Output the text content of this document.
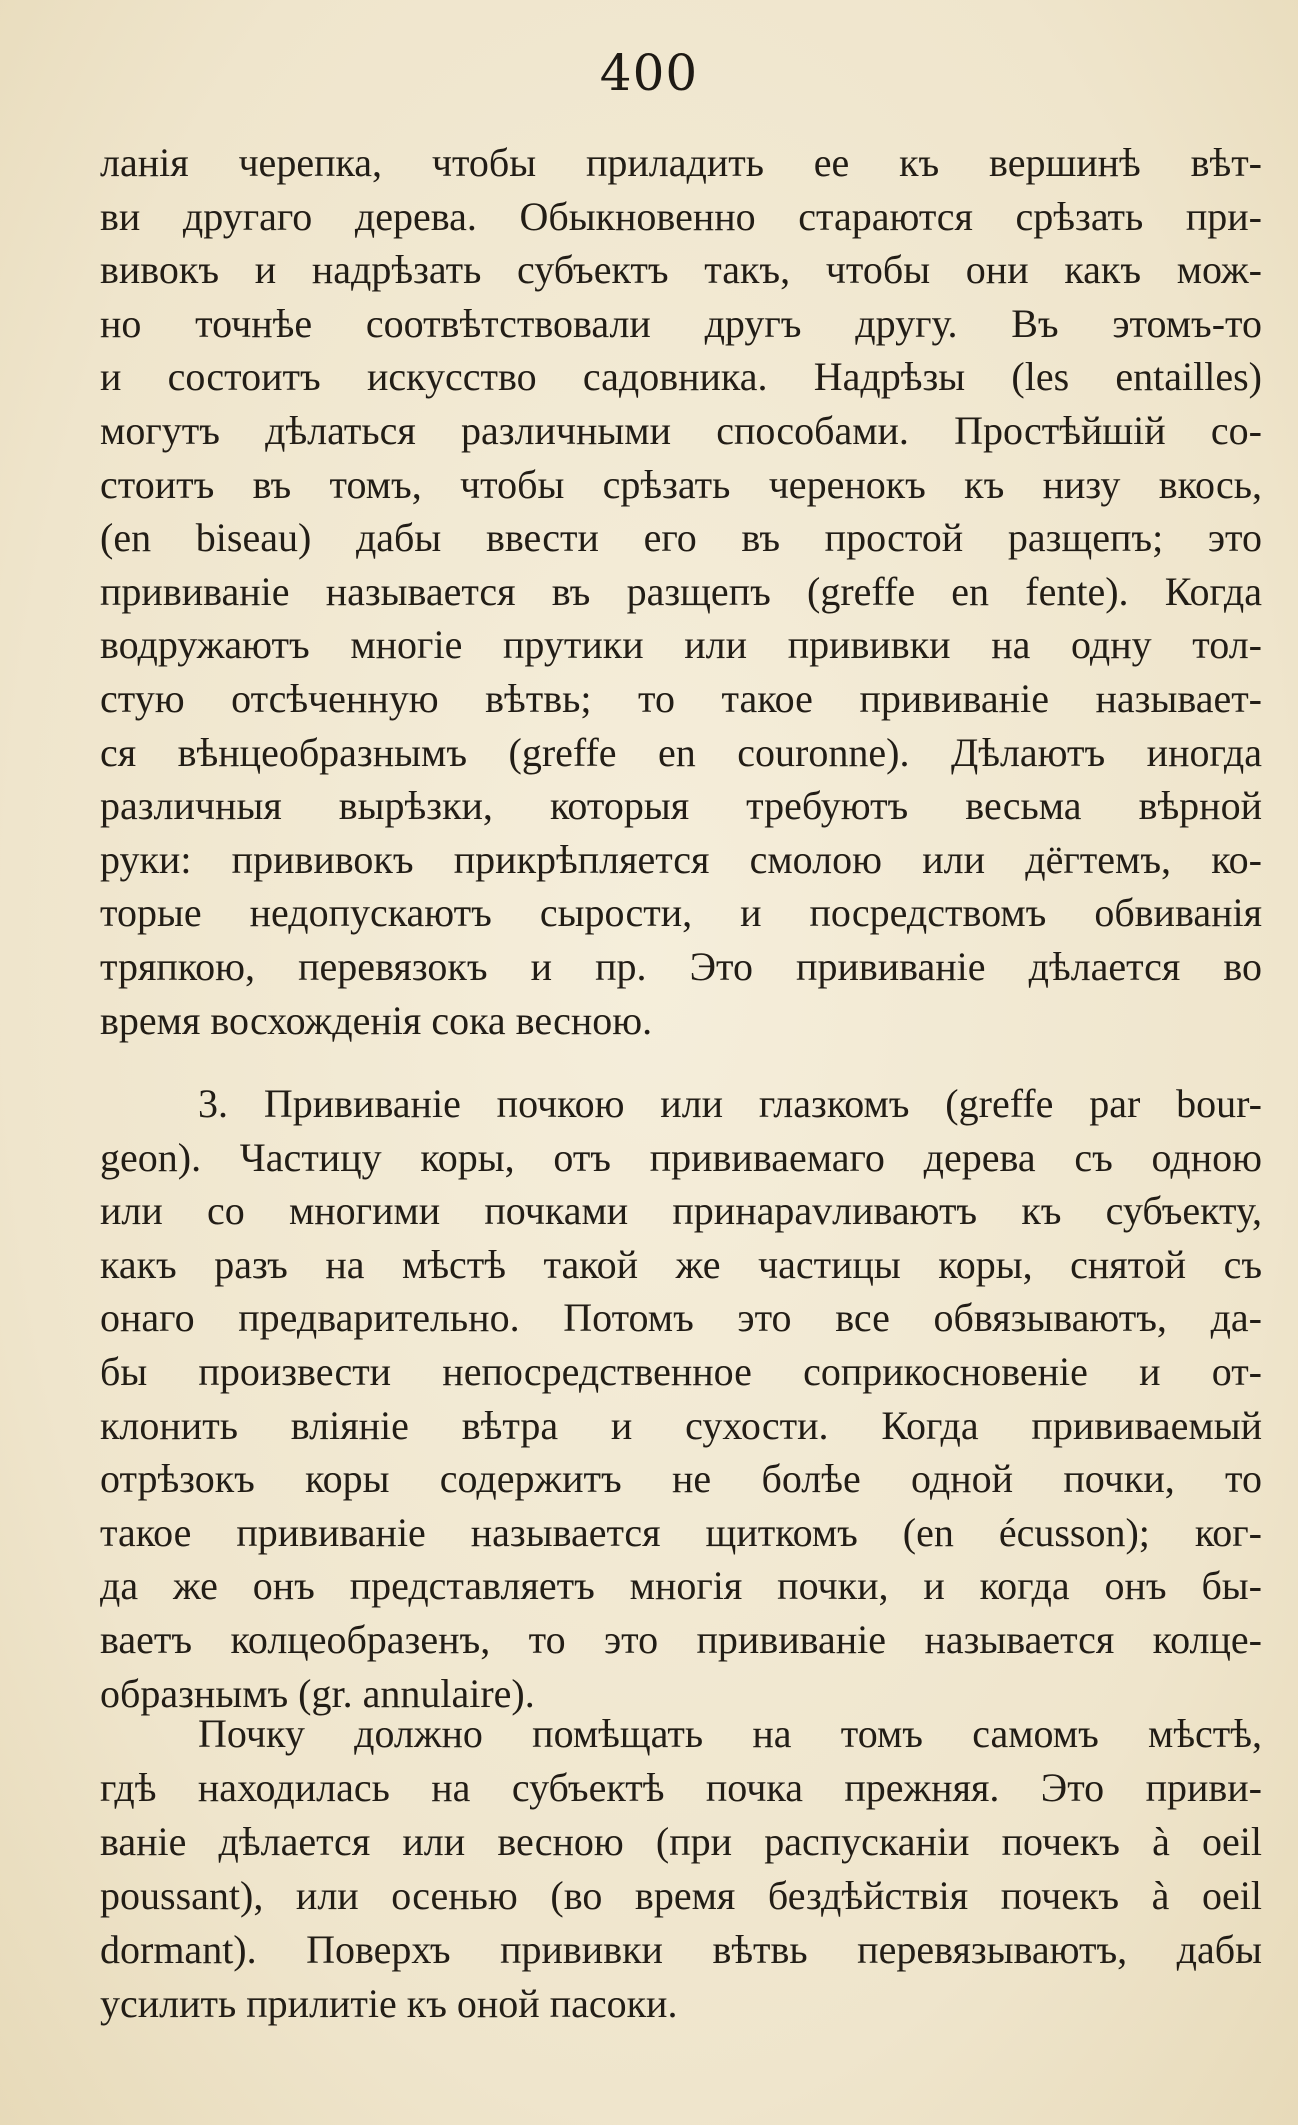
400
ланія черепка, чтобы приладить ее къ вершинѣ вѣт-
ви другаго дерева. Обыкновенно стараются срѣзать при-
вивокъ и надрѣзать субъектъ такъ, чтобы они какъ мож-
но точнѣе соотвѣтствовали другъ другу. Въ этомъ-то
и состоитъ искусство садовника. Надрѣзы (les entailles)
могутъ дѣлаться различными способами. Простѣйшій со-
стоитъ въ томъ, чтобы срѣзать черенокъ къ низу вкось,
(en biseau) дабы ввести его въ простой разщепъ; это
прививаніе называется въ разщепъ (greffe en fente). Когда
водружаютъ многіе прутики или прививки на одну тол-
стую отсѣченную вѣтвь; то такое прививаніе называет-
ся вѣнцеобразнымъ (greffe en couronne). Дѣлаютъ иногда
различныя вырѣзки, которыя требуютъ весьма вѣрной
руки: прививокъ прикрѣпляется смолою или дёгтемъ, ко-
торые недопускаютъ сырости, и посредствомъ обвиванія
тряпкою, перевязокъ и пр. Это прививаніе дѣлается во
время восхожденія сока весною.
3. Прививаніе почкою или глазкомъ (greffe par bour-
geon). Частицу коры, отъ прививаемаго дерева съ одною
или со многими почками принарavливаютъ къ субъекту,
какъ разъ на мѣстѣ такой же частицы коры, снятой съ
онаго предварительно. Потомъ это все обвязываютъ, да-
бы произвести непосредственное соприкосновеніе и от-
клонить вліяніе вѣтра и сухости. Когда прививаемый
отрѣзокъ коры содержитъ не болѣе одной почки, то
такое прививаніе называется щиткомъ (en écusson); ког-
да же онъ представляетъ многія почки, и когда онъ бы-
ваетъ колцеобразенъ, то это прививаніе называется колце-
образнымъ (gr. annulaire).
Почку должно помѣщать на томъ самомъ мѣстѣ,
гдѣ находилась на субъектѣ почка прежняя. Это приви-
ваніе дѣлается или весною (при распусканіи почекъ à oeil
poussant), или осенью (во время бездѣйствія почекъ à oeil
dormant). Поверхъ прививки вѣтвь перевязываютъ, дабы
усилить прилитіе къ оной пасоки.
